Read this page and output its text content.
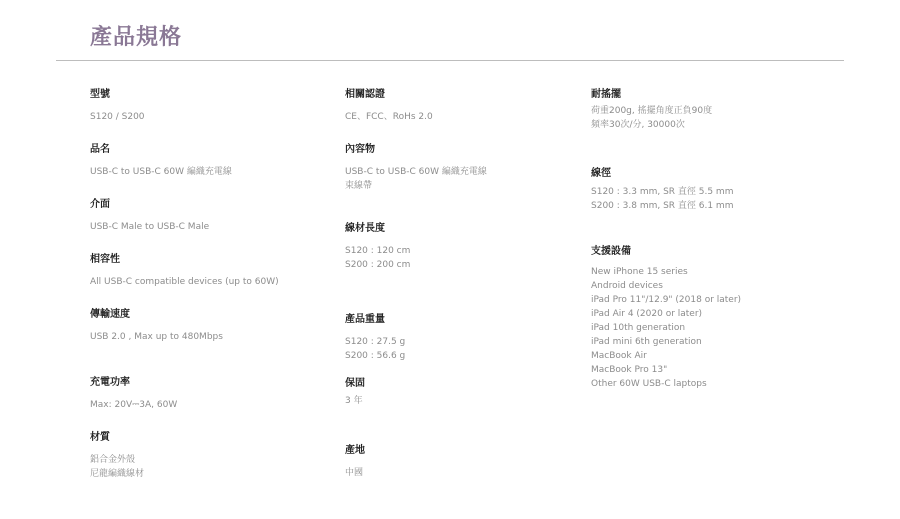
產品規格
型號
S120 / S200
品名
USB-C to USB-C 60W 編織充電線
介面
USB-C Male to USB-C Male
相容性
All USB-C compatible devices (up to 60W)
傳輸速度
USB 2.0 , Max up to 480Mbps
充電功率
Max: 20V⎓3A, 60W
材質
鋁合金外殼
尼龍編織線材
相關認證
CE、FCC、RoHs 2.0
內容物
USB-C to USB-C 60W 編織充電線
束線帶
線材長度
S120 : 120 cm
S200 : 200 cm
產品重量
S120 : 27.5 g
S200 : 56.6 g
保固
3 年
產地
中國
耐搖擺
荷重200g, 搖擺角度正負90度
頻率30次/分, 30000次
線徑
S120 : 3.3 mm, SR 直徑 5.5 mm
S200 : 3.8 mm, SR 直徑 6.1 mm
支援設備
New iPhone 15 series
Android devices
iPad Pro 11"/12.9" (2018 or later)
iPad Air 4 (2020 or later)
iPad 10th generation
iPad mini 6th generation
MacBook Air
MacBook Pro 13"
Other 60W USB-C laptops
